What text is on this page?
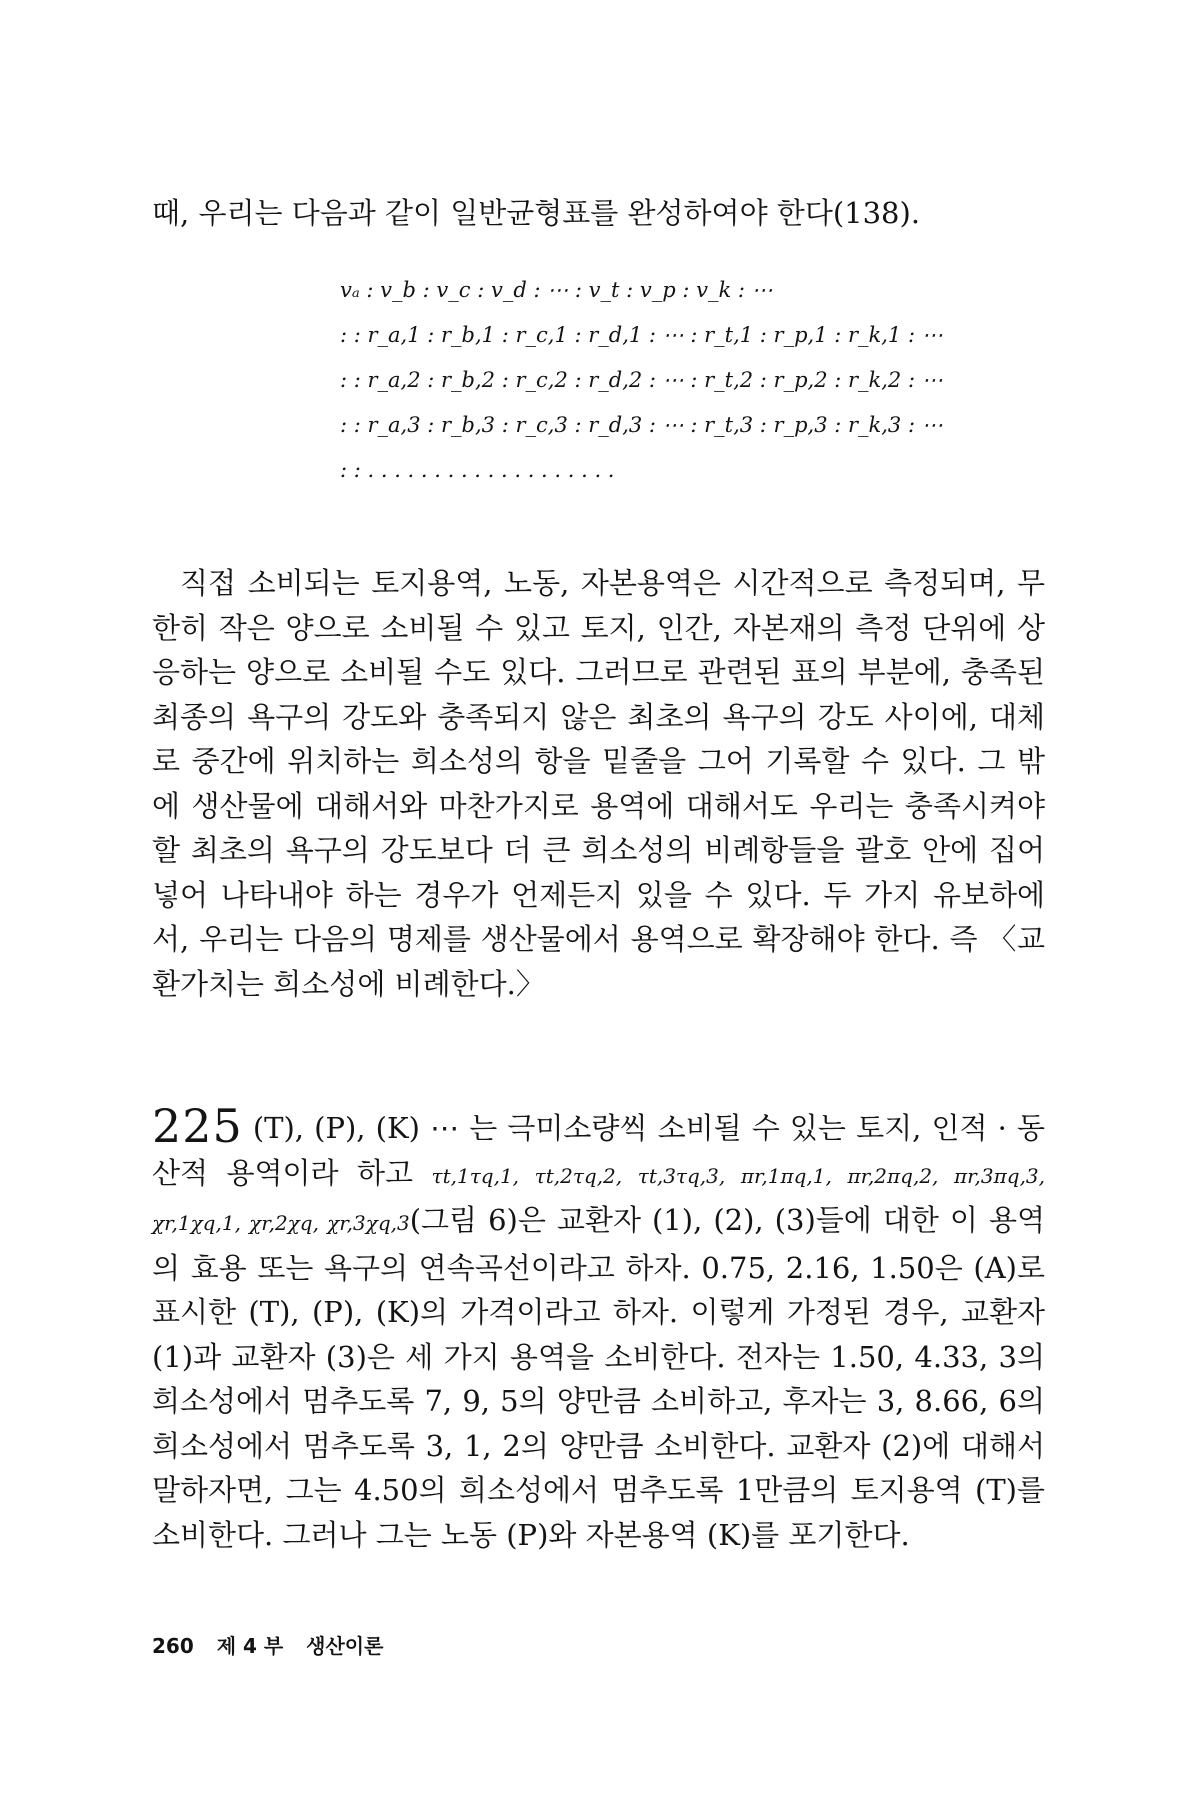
때, 우리는 다음과 같이 일반균형표를 완성하여야 한다(138).
vₐ : v_b : v_c : v_d : ⋯ : v_t : v_p : v_k : ⋯
: : r_a,1 : r_b,1 : r_c,1 : r_d,1 : ⋯ : r_t,1 : r_p,1 : r_k,1 : ⋯
: : r_a,2 : r_b,2 : r_c,2 : r_d,2 : ⋯ : r_t,2 : r_p,2 : r_k,2 : ⋯
: : r_a,3 : r_b,3 : r_c,3 : r_d,3 : ⋯ : r_t,3 : r_p,3 : r_k,3 : ⋯
: : . . . . . . . . . . . . . . . . . . .

직접 소비되는 토지용역, 노동, 자본용역은 시간적으로 측정되며, 무한히 작은 양으로 소비될 수 있고 토지, 인간, 자본재의 측정 단위에 상응하는 양으로 소비될 수도 있다. 그러므로 관련된 표의 부분에, 충족된 최종의 욕구의 강도와 충족되지 않은 최초의 욕구의 강도 사이에, 대체로 중간에 위치하는 희소성의 항을 밑줄을 그어 기록할 수 있다. 그 밖에 생산물에 대해서와 마찬가지로 용역에 대해서도 우리는 충족시켜야 할 최초의 욕구의 강도보다 더 큰 희소성의 비례항들을 괄호 안에 집어 넣어 나타내야 하는 경우가 언제든지 있을 수 있다. 두 가지 유보하에서, 우리는 다음의 명제를 생산물에서 용역으로 확장해야 한다. 즉 〈교환가치는 희소성에 비례한다.〉

225 (T), (P), (K) ⋯ 는 극미소량씩 소비될 수 있는 토지, 인적 · 동산적 용역이라 하고 τt,1τq,1, τt,2τq,2, τt,3τq,3, πr,1πq,1, πr,2πq,2, πr,3πq,3, χr,1χq,1, χr,2χq, χr,3χq,3(그림 6)은 교환자 (1), (2), (3)들에 대한 이 용역의 효용 또는 욕구의 연속곡선이라고 하자. 0.75, 2.16, 1.50은 (A)로 표시한 (T), (P), (K)의 가격이라고 하자. 이렇게 가정된 경우, 교환자 (1)과 교환자 (3)은 세 가지 용역을 소비한다. 전자는 1.50, 4.33, 3의 희소성에서 멈추도록 7, 9, 5의 양만큼 소비하고, 후자는 3, 8.66, 6의 희소성에서 멈추도록 3, 1, 2의 양만큼 소비한다. 교환자 (2)에 대해서 말하자면, 그는 4.50의 희소성에서 멈추도록 1만큼의 토지용역 (T)를 소비한다. 그러나 그는 노동 (P)와 자본용역 (K)를 포기한다.

260 제 4 부 생산이론
